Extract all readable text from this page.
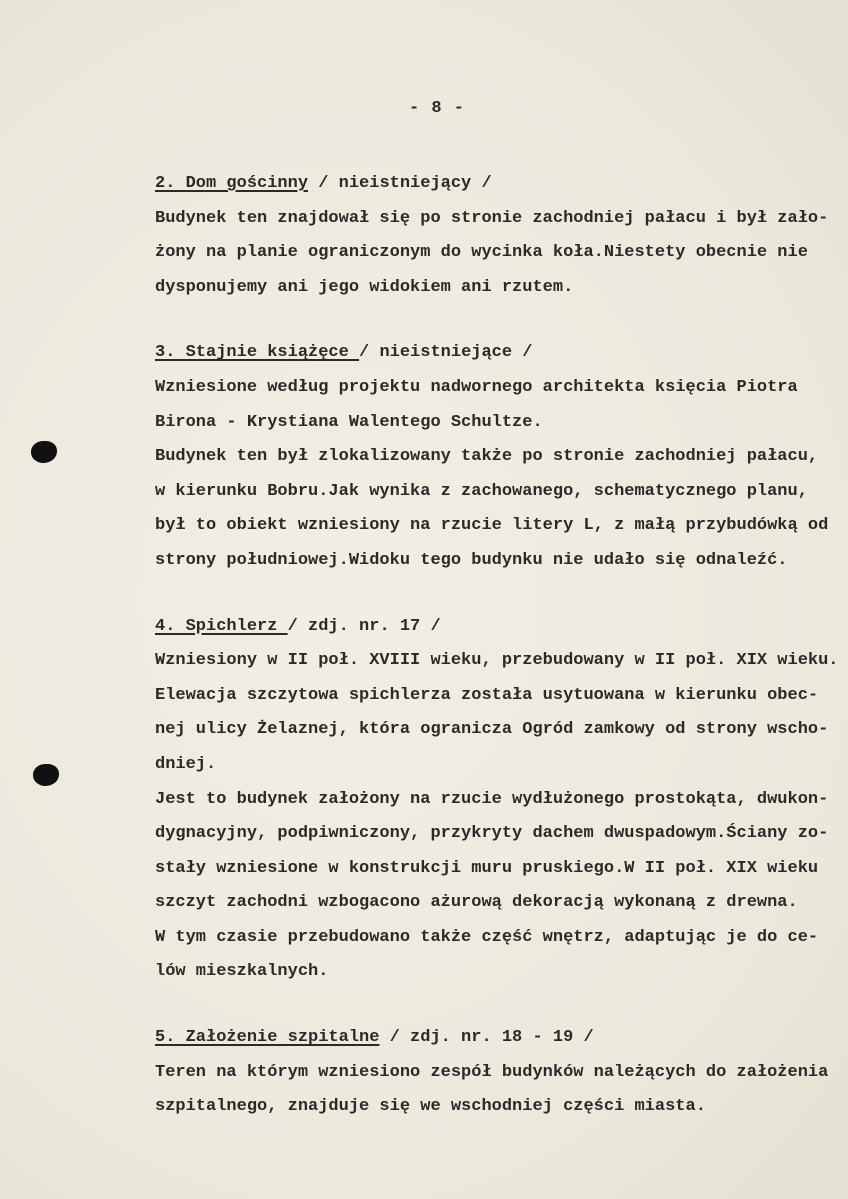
- 8 -
2. Dom gościnny / nieistniejący /
Budynek ten znajdował się po stronie zachodniej pałacu i był zało-
żony na planie ograniczonym do wycinka koła.Niestety obecnie nie
dysponujemy ani jego widokiem ani rzutem.
3. Stajnie książęce / nieistniejące /
Wzniesione według projektu nadwornego architekta księcia Piotra
Birona - Krystiana Walentego Schultze.
Budynek ten był zlokalizowany także po stronie zachodniej pałacu,
w kierunku Bobru.Jak wynika z zachowanego, schematycznego planu,
był to obiekt wzniesiony na rzucie litery L, z małą przybudówką od
strony południowej.Widoku tego budynku nie udało się odnaleźć.
4. Spichlerz / zdj. nr. 17 /
Wzniesiony w II poł. XVIII wieku, przebudowany w II poł. XIX wieku.
Elewacja szczytowa spichlerza została usytuowana w kierunku obec-
nej ulicy Żelaznej, która ogranicza Ogród zamkowy od strony wscho-
dniej.
Jest to budynek założony na rzucie wydłużonego prostokąta, dwukon-
dygnacyjny, podpiwniczony, przykryty dachem dwuspadowym.Ściany zo-
stały wzniesione w konstrukcji muru pruskiego.W II poł. XIX wieku
szczyt zachodni wzbogacono ażurową dekoracją wykonaną z drewna.
W tym czasie przebudowano także część wnętrz, adaptując je do ce-
lów mieszkalnych.
5. Założenie szpitalne / zdj. nr. 18 - 19 /
Teren na którym wzniesiono zespół budynków należących do założenia
szpitalnego, znajduje się we wschodniej części miasta.
